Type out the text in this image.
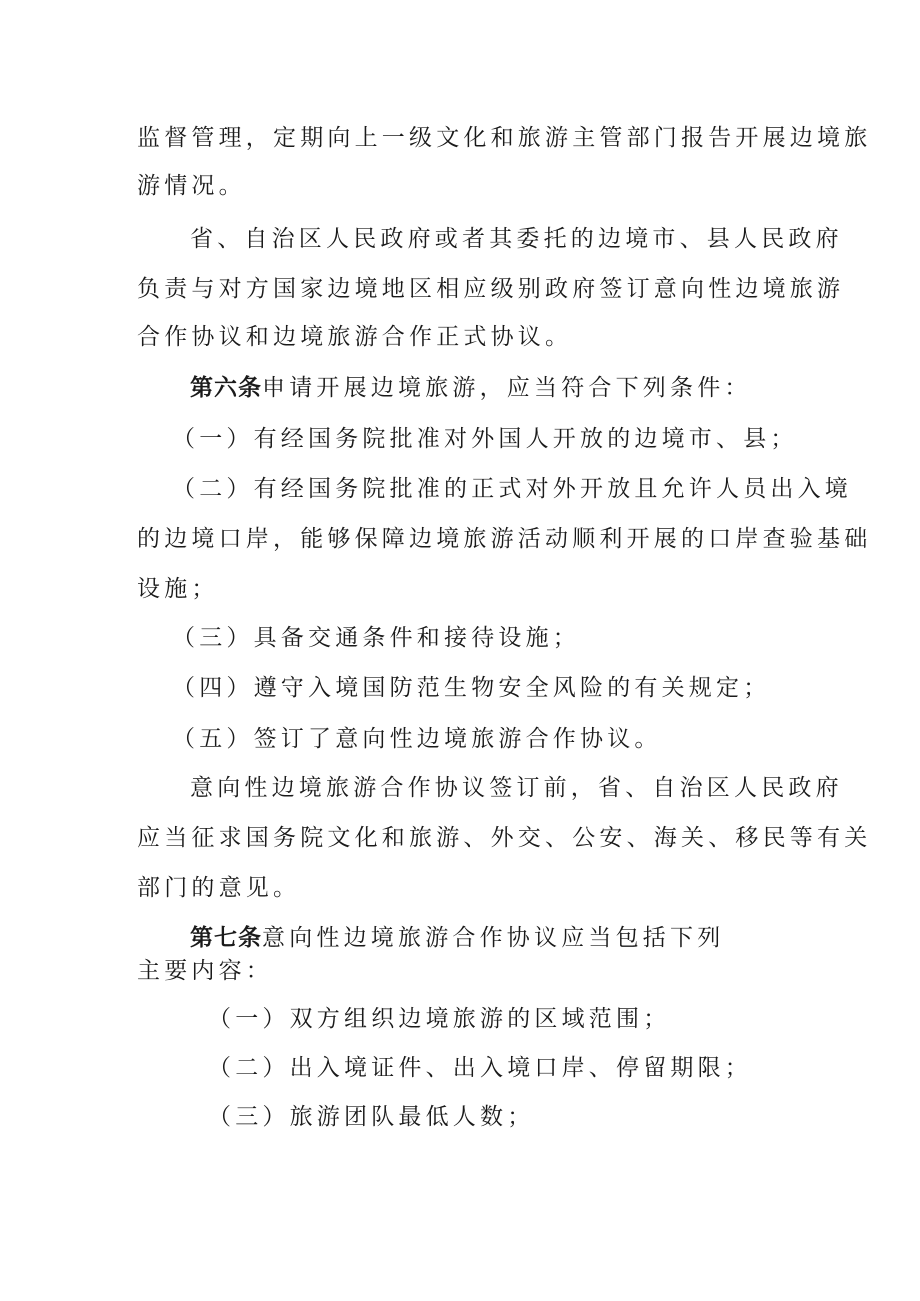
监督管理，定期向上一级文化和旅游主管部门报告开展边境旅
游情况。
省、自治区人民政府或者其委托的边境市、县人民政府
负责与对方国家边境地区相应级别政府签订意向性边境旅游
合作协议和边境旅游合作正式协议。
第六条申请开展边境旅游，应当符合下列条件：
（一）有经国务院批准对外国人开放的边境市、县；
（二）有经国务院批准的正式对外开放且允许人员出入境
的边境口岸，能够保障边境旅游活动顺利开展的口岸查验基础
设施；
（三）具备交通条件和接待设施；
（四）遵守入境国防范生物安全风险的有关规定；
（五）签订了意向性边境旅游合作协议。
意向性边境旅游合作协议签订前，省、自治区人民政府
应当征求国务院文化和旅游、外交、公安、海关、移民等有关
部门的意见。
第七条意向性边境旅游合作协议应当包括下列
主要内容：
（一）双方组织边境旅游的区域范围；
（二）出入境证件、出入境口岸、停留期限；
（三）旅游团队最低人数；
